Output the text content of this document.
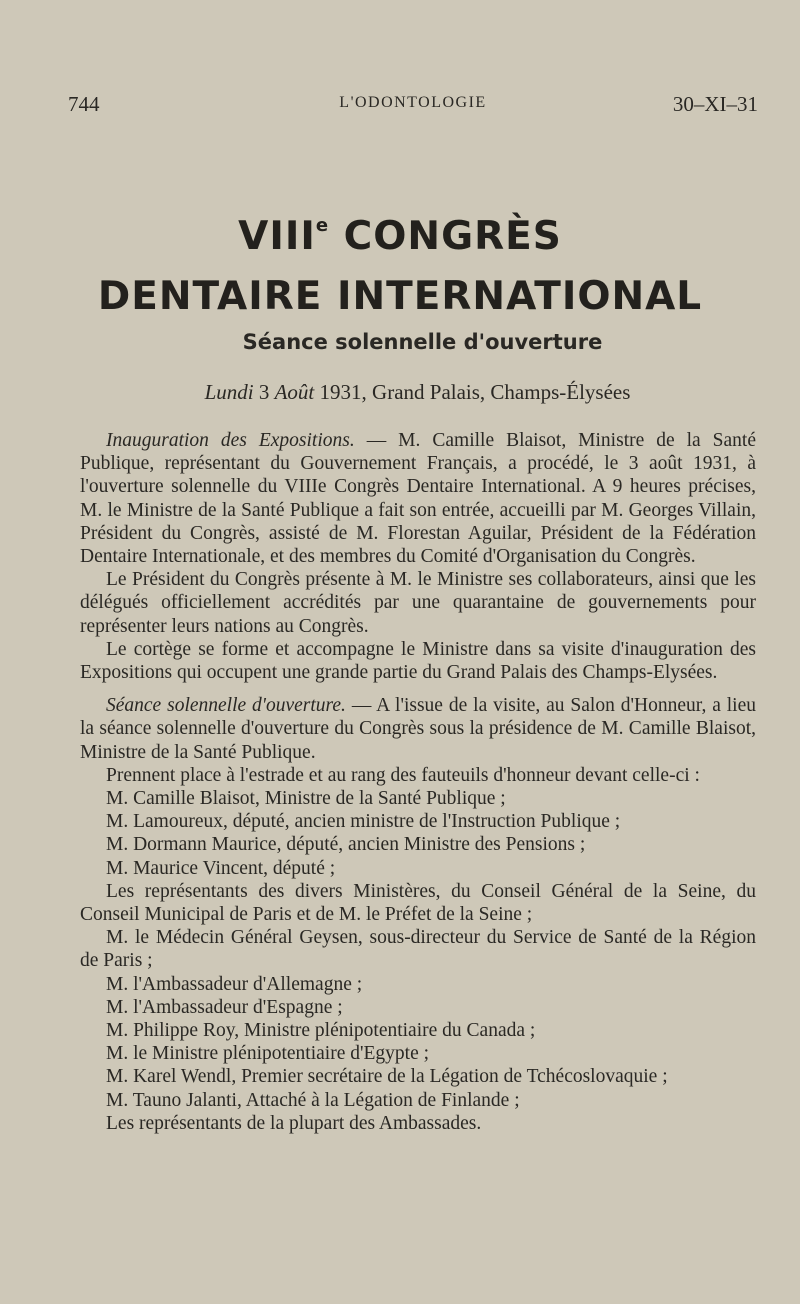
744	L'ODONTOLOGIE	30–XI–31
VIIIe CONGRÈS
DENTAIRE INTERNATIONAL
Séance solennelle d'ouverture
Lundi 3 Août 1931, Grand Palais, Champs-Élysées

Inauguration des Expositions. — M. Camille Blaisot, Ministre de la Santé Publique, représentant du Gouvernement Français, a procédé, le 3 août 1931, à l'ouverture solennelle du VIIIe Congrès Dentaire International. A 9 heures précises, M. le Ministre de la Santé Publique a fait son entrée, accueilli par M. Georges Villain, Président du Congrès, assisté de M. Florestan Aguilar, Président de la Fédération Dentaire Internationale, et des membres du Comité d'Organisation du Congrès.

Le Président du Congrès présente à M. le Ministre ses collaborateurs, ainsi que les délégués officiellement accrédités par une quarantaine de gouvernements pour représenter leurs nations au Congrès.

Le cortège se forme et accompagne le Ministre dans sa visite d'inauguration des Expositions qui occupent une grande partie du Grand Palais des Champs-Elysées.

Séance solennelle d'ouverture. — A l'issue de la visite, au Salon d'Honneur, a lieu la séance solennelle d'ouverture du Congrès sous la présidence de M. Camille Blaisot, Ministre de la Santé Publique.

Prennent place à l'estrade et au rang des fauteuils d'honneur devant celle-ci :

M. Camille Blaisot, Ministre de la Santé Publique ;

M. Lamoureux, député, ancien ministre de l'Instruction Publique ;

M. Dormann Maurice, député, ancien Ministre des Pensions ;

M. Maurice Vincent, député ;

Les représentants des divers Ministères, du Conseil Général de la Seine, du Conseil Municipal de Paris et de M. le Préfet de la Seine ;

M. le Médecin Général Geysen, sous-directeur du Service de Santé de la Région de Paris ;

M. l'Ambassadeur d'Allemagne ;

M. l'Ambassadeur d'Espagne ;

M. Philippe Roy, Ministre plénipotentiaire du Canada ;

M. le Ministre plénipotentiaire d'Egypte ;

M. Karel Wendl, Premier secrétaire de la Légation de Tchécoslovaquie ;

M. Tauno Jalanti, Attaché à la Légation de Finlande ;

Les représentants de la plupart des Ambassades.
